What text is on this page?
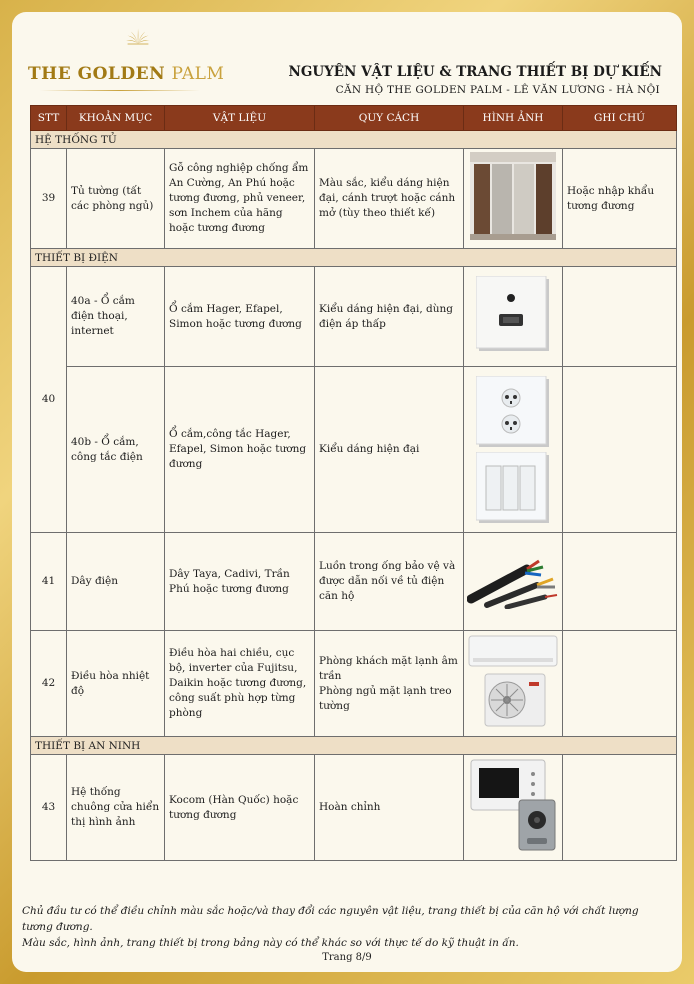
THE GOLDEN PALM	NGUYÊN VẬT LIỆU & TRANG THIẾT BỊ DỰ KIẾN
CĂN HỘ THE GOLDEN PALM - LÊ VĂN LƯƠNG - HÀ NỘI
STT	KHOẢN MỤC	VẬT LIỆU	QUY CÁCH	HÌNH ẢNH	GHI CHÚ
HỆ THỐNG TỦ					
39	Tủ tường (tất các phòng ngủ)	Gỗ công nghiệp chống ẩm An Cường, An Phú hoặc tương đương, phủ veneer, sơn Inchem của hãng hoặc tương đương	Màu sắc, kiểu dáng hiện đại, cánh trượt hoặc cánh mở (tùy theo thiết kế)		Hoặc nhập khẩu tương đương
THIẾT BỊ ĐIỆN					
40	40a - Ổ cắm điện thoại, internet	Ổ cắm Hager, Efapel, Simon hoặc tương đương	Kiểu dáng hiện đại, dùng điện áp thấp		
	40b - Ổ cắm, công tắc điện	Ổ cắm,công tắc Hager, Efapel, Simon hoặc tương đương	Kiểu dáng hiện đại	

41	Dây điện	Dây Taya, Cadivi, Trần Phú hoặc tương đương	Luồn trong ống bảo vệ và được dẫn nối về tủ điện căn hộ		
42	Điều hòa nhiệt độ	Điều hòa hai chiều, cục bộ, inverter của Fujitsu, Daikin hoặc tương đương, công suất phù hợp từng phòng	Phòng khách mặt lạnh âm trần
Phòng ngủ mặt lạnh treo tường

THIẾT BỊ AN NINH					
43	Hệ thống chuông cửa hiển thị hình ảnh	Kocom (Hàn Quốc) hoặc tương đương	Hoàn chỉnh		
Chủ đầu tư có thể điều chỉnh màu sắc hoặc/và thay đổi các nguyên vật liệu, trang thiết bị của căn hộ với chất lượng tương đương.
Màu sắc, hình ảnh, trang thiết bị trong bảng này có thể khác so với thực tế do kỹ thuật in ấn.
Trang 8/9
